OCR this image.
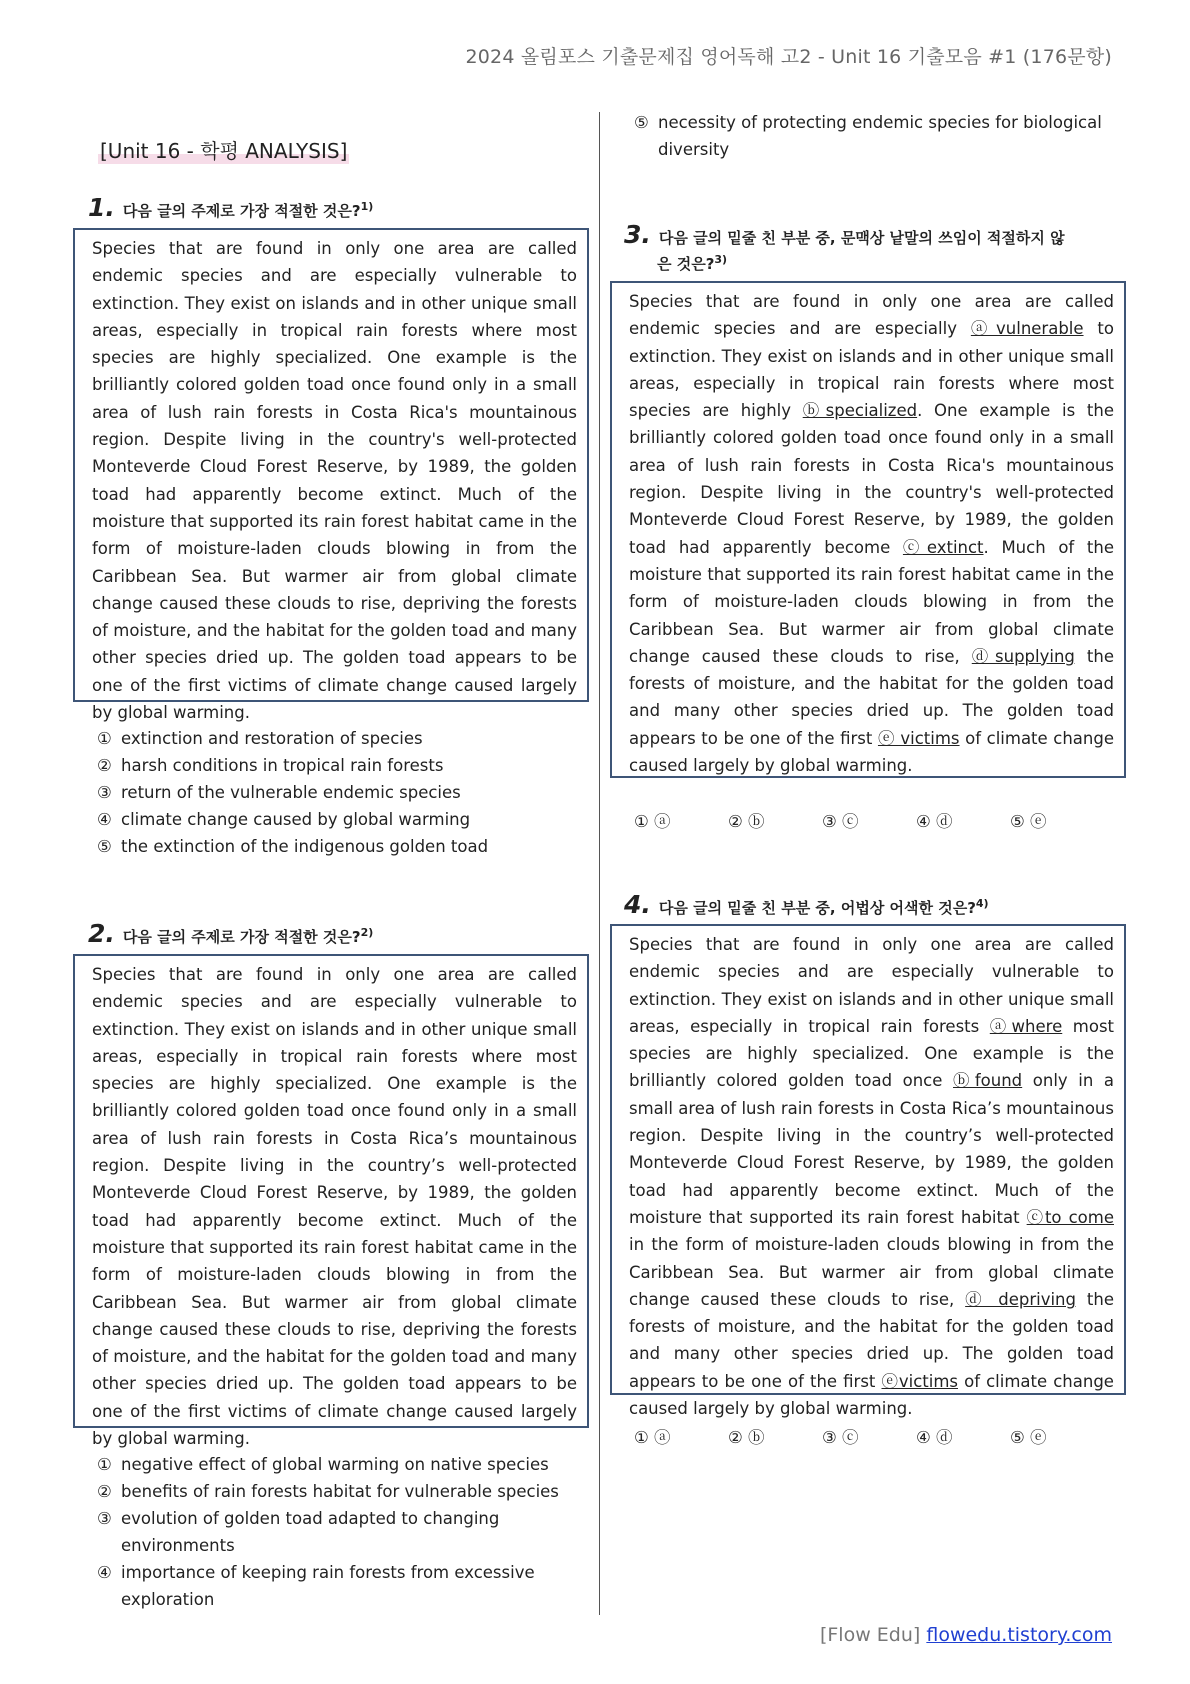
2024 올림포스 기출문제집 영어독해 고2 - Unit 16 기출모음 #1 (176문항)
[Unit 16 - 학평 ANALYSIS]
1. 다음 글의 주제로 가장 적절한 것은?$^{1)}$
Species that are found in only one area are called endemic species and are especially vulnerable to extinction. They exist on islands and in other unique small areas, especially in tropical rain forests where most species are highly specialized. One example is the brilliantly colored golden toad once found only in a small area of lush rain forests in Costa Rica's mountainous region. Despite living in the country's well-protected Monteverde Cloud Forest Reserve, by 1989, the golden toad had apparently become extinct. Much of the moisture that supported its rain forest habitat came in the form of moisture-laden clouds blowing in from the Caribbean Sea. But warmer air from global climate change caused these clouds to rise, depriving the forests of moisture, and the habitat for the golden toad and many other species dried up. The golden toad appears to be one of the first victims of climate change caused largely by global warming.
① extinction and restoration of species
② harsh conditions in tropical rain forests
③ return of the vulnerable endemic species
④ climate change caused by global warming
⑤ the extinction of the indigenous golden toad
2. 다음 글의 주제로 가장 적절한 것은?$^{2)}$
Species that are found in only one area are called endemic species and are especially vulnerable to extinction. They exist on islands and in other unique small areas, especially in tropical rain forests where most species are highly specialized. One example is the brilliantly colored golden toad once found only in a small area of lush rain forests in Costa Rica’s mountainous region. Despite living in the country’s well-protected Monteverde Cloud Forest Reserve, by 1989, the golden toad had apparently become extinct. Much of the moisture that supported its rain forest habitat came in the form of moisture-laden clouds blowing in from the Caribbean Sea. But warmer air from global climate change caused these clouds to rise, depriving the forests of moisture, and the habitat for the golden toad and many other species dried up. The golden toad appears to be one of the first victims of climate change caused largely by global warming.
① negative effect of global warming on native species
② benefits of rain forests habitat for vulnerable species
③ evolution of golden toad adapted to changing
environments
④ importance of keeping rain forests from excessive
exploration
⑤ necessity of protecting endemic species for biological
diversity
3. 다음 글의 밑줄 친 부분 중, 문맥상 낱말의 쓰임이 적절하지 않
은 것은?$^{3)}$
Species that are found in only one area are called endemic species and are especially ⓐvulnerable to extinction. They exist on islands and in other unique small areas, especially in tropical rain forests where most species are highly ⓑspecialized. One example is the brilliantly colored golden toad once found only in a small area of lush rain forests in Costa Rica's mountainous region. Despite living in the country's well-protected Monteverde Cloud Forest Reserve, by 1989, the golden toad had apparently become ⓒextinct. Much of the moisture that supported its rain forest habitat came in the form of moisture-laden clouds blowing in from the Caribbean Sea. But warmer air from global climate change caused these clouds to rise, ⓓsupplying the forests of moisture, and the habitat for the golden toad and many other species dried up. The golden toad appears to be one of the first ⓔ victims of climate change caused largely by global warming.
① ⓐ	② ⓑ	③ ⓒ	④ ⓓ	⑤ ⓔ
4. 다음 글의 밑줄 친 부분 중, 어법상 어색한 것은?$^{4)}$
Species that are found in only one area are called endemic species and are especially vulnerable to extinction. They exist on islands and in other unique small areas, especially in tropical rain forests ⓐwhere most species are highly specialized. One example is the brilliantly colored golden toad once ⓑfound only in a small area of lush rain forests in Costa Rica’s mountainous region. Despite living in the country’s well-protected Monteverde Cloud Forest Reserve, by 1989, the golden toad had apparently become extinct. Much of the moisture that supported its rain forest habitat ⓒto come in the form of moisture-laden clouds blowing in from the Caribbean Sea. But warmer air from global climate change caused these clouds to rise, ⓓ depriving the forests of moisture, and the habitat for the golden toad and many other species dried up. The golden toad appears to be one of the first ⓔvictims of climate change caused largely by global warming.
① ⓐ	② ⓑ	③ ⓒ	④ ⓓ	⑤ ⓔ
[Flow Edu] flowedu.tistory.com
